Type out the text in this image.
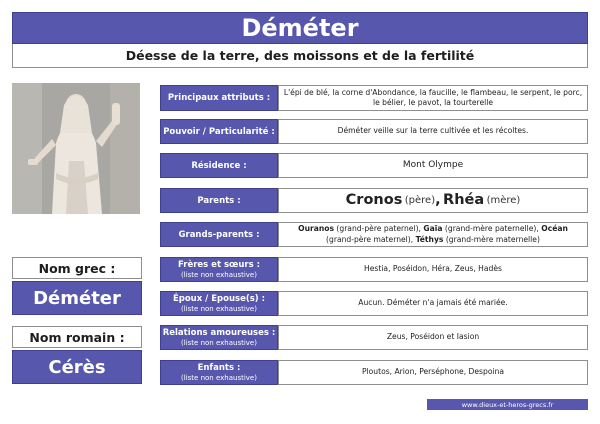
Déméter
Déesse de la terre, des moissons et de la fertilité
Principaux attributs :
L'épi de blé, la corne d'Abondance, la faucille, le flambeau, le serpent, le porc, le bélier, le pavot, la tourterelle
Pouvoir / Particularité :	Déméter veille sur la terre cultivée et les récoltes.
Résidence :	Mont Olympe
Parents :	Cronos
(père) ,
Rhéa
(mère)
Grands-parents :
Ouranos (grand-père paternel), Gaïa (grand-mère paternelle), Océan
(grand-père maternel), Téthys (grand-mère maternelle)
Nom grec :
Déméter
Frères et sœurs :
(liste non exhaustive)
Hestia, Poséidon, Héra, Zeus, Hadès
Époux / Epouse(s) :
(liste non exhaustive)
Aucun. Déméter n'a jamais été mariée.
Nom romain :
Cérès
Relations amoureuses :
(liste non exhaustive)
Zeus, Poséidon et Iasion
Enfants :
(liste non exhaustive)
Ploutos, Arion, Perséphone, Despoina
www.dieux-et-heros-grecs.fr
